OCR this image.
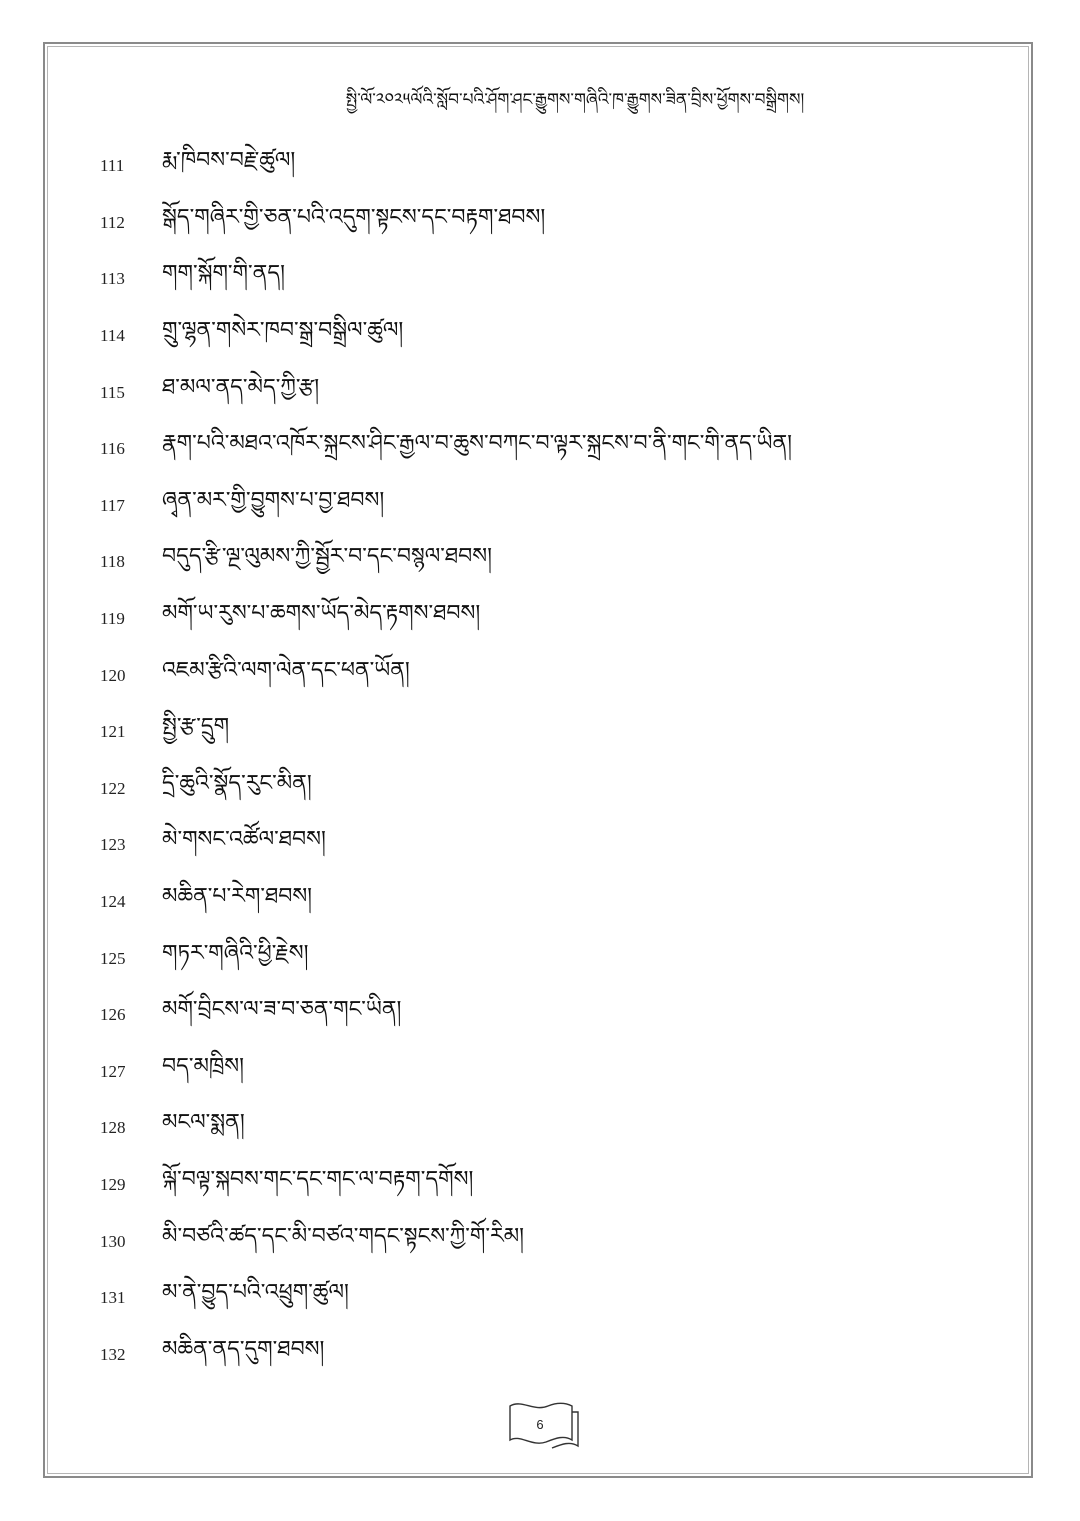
སྤྱི་ལོ་༢༠༢༥ལོའི་སློབ་པའི་ཤོག་ཤང་རྒྱུགས་གཞིའི་ཁ་རྒྱུགས་ཟིན་བྲིས་ཕྱོགས་བསྒྲིགས།
111	རྨ་ཁིབས་བརྗེ་ཚུལ།
112	སྒོད་གཞིར་གྱི་ཅན་པའི་འདུག་སྟངས་དང་བརྟག་ཐབས།
113	གག་སྐོག་གི་ནད།
114	གྲུ་ལྷན་གསེར་ཁབ་སྒྲ་བསྒྲིལ་ཚུལ།
115	ཐ་མལ་ནད་མེད་ཀྱི་རྩ།
116	རྣག་པའི་མཐའ་འཁོར་སྐྲངས་ཤིང་རྒྱལ་བ་ཆུས་བཀང་བ་ལྟར་སྐྲངས་བ་ནི་གང་གི་ནད་ཡིན།
117	ཞྭན་མར་གྱི་བྱུགས་པ་བྱ་ཐབས།
118	བདུད་རྩི་ལྔ་ལུམས་ཀྱི་སྦྱོར་བ་དང་བསྙལ་ཐབས།
119	མགོ་ཡ་རུས་པ་ཆགས་ཡོད་མེད་རྟགས་ཐབས།
120	འཇམ་རྩིའི་ལག་ལེན་དང་ཕན་ཡོན།
121	སྤྱི་རྩ་དྲུག
122	དྲི་ཆུའི་སྣོད་རུང་མིན།
123	མེ་གསང་འཚོལ་ཐབས།
124	མཆིན་པ་རེག་ཐབས།
125	གཏར་གཞིའི་ཕྱི་རྗེས།
126	མགོ་བྲིངས་ལ་ཟ་བ་ཅན་གང་ཡིན།
127	བད་མཁྲིས།
128	མངལ་སྨན།
129	ལྐོ་བལྟ་སྐབས་གང་དང་གང་ལ་བརྟག་དགོས།
130	མི་བཙའི་ཚད་དང་མི་བཙའ་གདང་སྟངས་ཀྱི་གོ་རིམ།
131	མ་ནེ་བྱུད་པའི་འཕྲུག་ཚུལ།
132	མཆིན་ནད་དུག་ཐབས།
6
